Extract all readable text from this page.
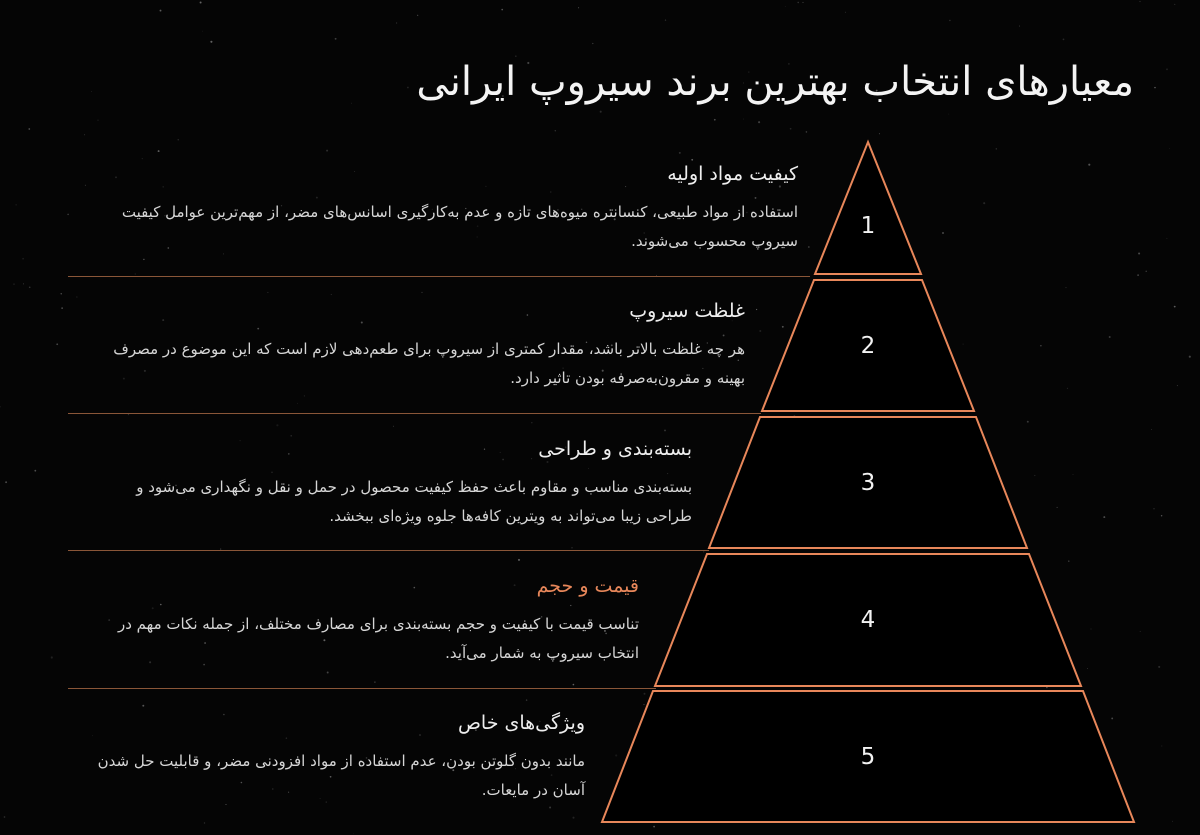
معیارهای انتخاب بهترین برند سیروپ ایرانی
1
2
3
4
5
کیفیت مواد اولیه

استفاده از مواد طبیعی، کنسانتره میوه‌های تازه و عدم به‌کارگیری اسانس‌های مضر، از مهم‌ترین عوامل کیفیت سیروپ محسوب می‌شوند.

غلظت سیروپ

هر چه غلظت بالاتر باشد، مقدار کمتری از سیروپ برای طعم‌دهی لازم است که این موضوع در مصرف بهینه و مقرون‌به‌صرفه بودن تاثیر دارد.

بسته‌بندی و طراحی

بسته‌بندی مناسب و مقاوم باعث حفظ کیفیت محصول در حمل و نقل و نگهداری می‌شود و طراحی زیبا می‌تواند به ویترین کافه‌ها جلوه ویژه‌ای ببخشد.

قیمت و حجم

تناسب قیمت با کیفیت و حجم بسته‌بندی برای مصارف مختلف، از جمله نکات مهم در انتخاب سیروپ به شمار می‌آید.

ویژگی‌های خاص

مانند بدون گلوتن بودن، عدم استفاده از مواد افزودنی مضر، و قابلیت حل شدن آسان در مایعات.
